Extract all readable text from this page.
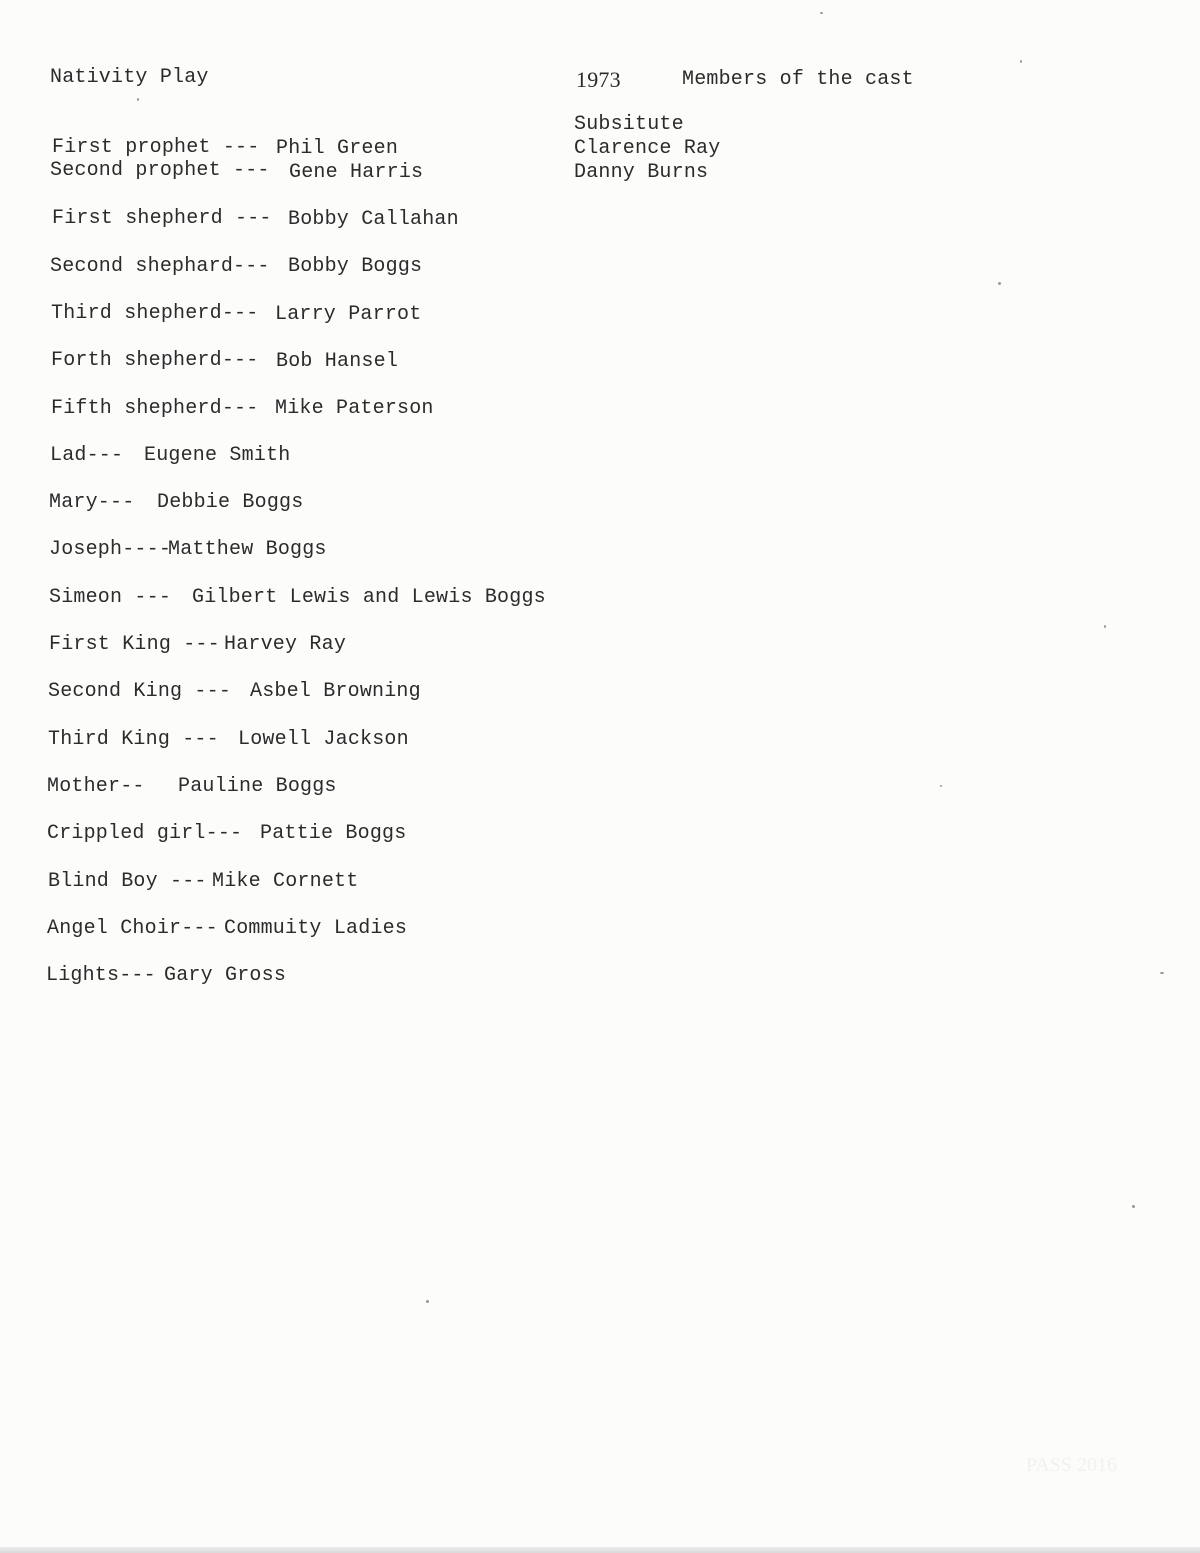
Nativity Play	1973	Members of the cast
Subsitute
Clarence Ray
Danny Burns
First prophet --- Phil Green
Second prophet --- Gene Harris
First shepherd --- Bobby Callahan
Second shephard--- Bobby Boggs
Third shepherd--- Larry Parrot
Forth shepherd--- Bob Hansel
Fifth shepherd--- Mike Paterson
Lad--- Eugene Smith
Mary--- Debbie Boggs
Joseph----
Matthew Boggs
Simeon --- Gilbert Lewis and Lewis Boggs
First King --- Harvey Ray
Second King --- Asbel Browning
Third King --- Lowell Jackson
Mother-- Pauline Boggs
Crippled girl--- Pattie Boggs
Blind Boy --- Mike Cornett
Angel Choir--- Commuity Ladies
Lights--- Gary Gross
PASS 2016
